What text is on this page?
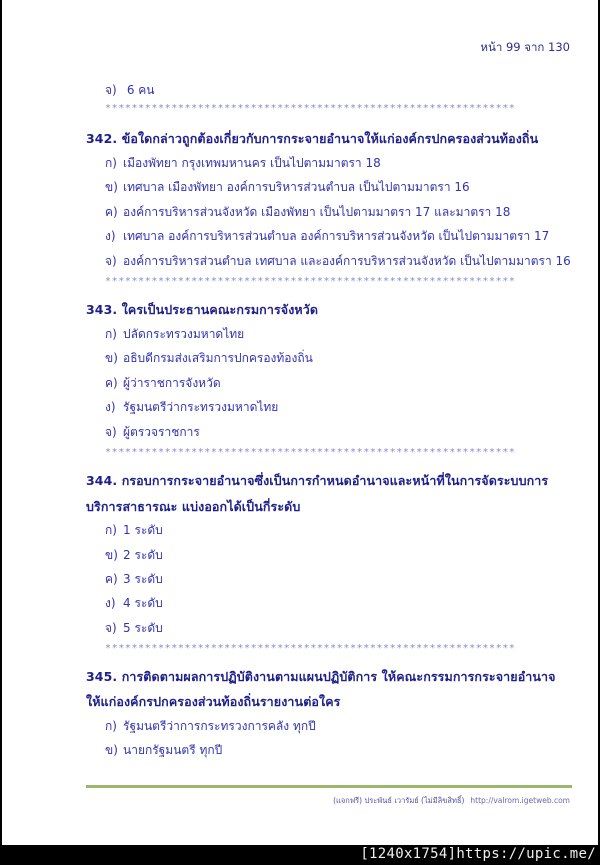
หน้า 99 จาก 130
จ) 6 คน
**************************************************************
342. ข้อใดกล่าวถูกต้องเกี่ยวกับการกระจายอำนาจให้แก่องค์กรปกครองส่วนท้องถิ่น
ก) เมืองพัทยา กรุงเทพมหานคร เป็นไปตามมาตรา 18
ข) เทศบาล เมืองพัทยา องค์การบริหารส่วนตำบล เป็นไปตามมาตรา 16
ค) องค์การบริหารส่วนจังหวัด เมืองพัทยา เป็นไปตามมาตรา 17 และมาตรา 18
ง) เทศบาล องค์การบริหารส่วนตำบล องค์การบริหารส่วนจังหวัด เป็นไปตามมาตรา 17
จ) องค์การบริหารส่วนตำบล เทศบาล และองค์การบริหารส่วนจังหวัด เป็นไปตามมาตรา 16
**************************************************************
343. ใครเป็นประธานคณะกรมการจังหวัด
ก) ปลัดกระทรวงมหาดไทย
ข) อธิบดีกรมส่งเสริมการปกครองท้องถิ่น
ค) ผู้ว่าราชการจังหวัด
ง) รัฐมนตรีว่ากระทรวงมหาดไทย
จ) ผู้ตรวจราชการ
**************************************************************
344. กรอบการกระจายอำนาจซึ่งเป็นการกำหนดอำนาจและหน้าที่ในการจัดระบบการ
บริการสาธารณะ แบ่งออกได้เป็นกี่ระดับ
ก) 1 ระดับ
ข) 2 ระดับ
ค) 3 ระดับ
ง) 4 ระดับ
จ) 5 ระดับ
**************************************************************
345. การติดตามผลการปฏิบัติงานตามแผนปฏิบัติการ ให้คณะกรรมการกระจายอำนาจ
ให้แก่องค์กรปกครองส่วนท้องถิ่นรายงานต่อใคร
ก) รัฐมนตรีว่าการกระทรวงการคลัง ทุกปี
ข) นายกรัฐมนตรี ทุกปี
(แจกฟรี) ประพันธ์ เวารัมย์ (ไม่มีลิขสิทธิ์) http://valrom.igetweb.com
[1240x1754]https://upic.me/
